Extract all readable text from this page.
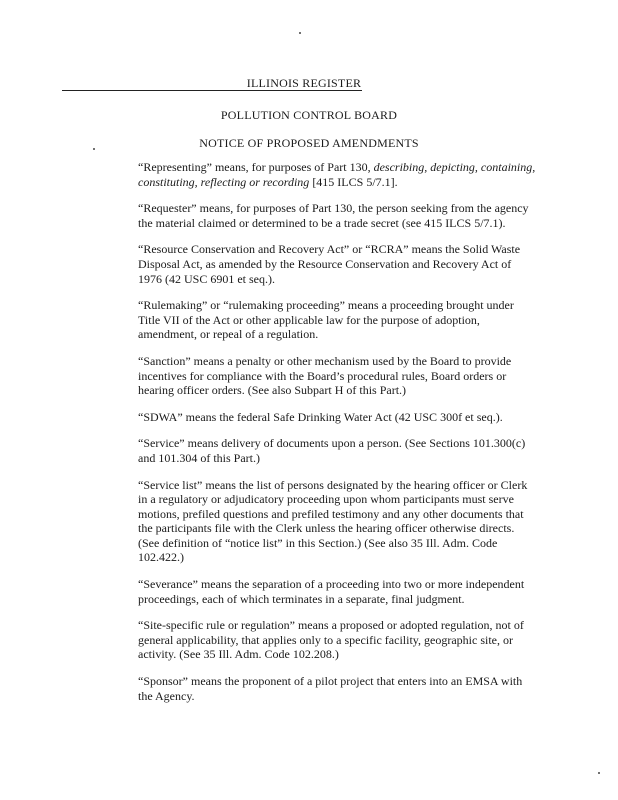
ILLINOIS REGISTER
POLLUTION CONTROL BOARD
NOTICE OF PROPOSED AMENDMENTS

“Representing” means, for purposes of Part 130, describing, depicting, containing, constituting, reflecting or recording [415 ILCS 5/7.1].

“Requester” means, for purposes of Part 130, the person seeking from the agency the material claimed or determined to be a trade secret (see 415 ILCS 5/7.1).

“Resource Conservation and Recovery Act” or “RCRA” means the Solid Waste Disposal Act, as amended by the Resource Conservation and Recovery Act of 1976 (42 USC 6901 et seq.).

“Rulemaking” or “rulemaking proceeding” means a proceeding brought under Title VII of the Act or other applicable law for the purpose of adoption, amendment, or repeal of a regulation.

“Sanction” means a penalty or other mechanism used by the Board to provide incentives for compliance with the Board’s procedural rules, Board orders or hearing officer orders. (See also Subpart H of this Part.)

“SDWA” means the federal Safe Drinking Water Act (42 USC 300f et seq.).

“Service” means delivery of documents upon a person. (See Sections 101.300(c) and 101.304 of this Part.)

“Service list” means the list of persons designated by the hearing officer or Clerk in a regulatory or adjudicatory proceeding upon whom participants must serve motions, prefiled questions and prefiled testimony and any other documents that the participants file with the Clerk unless the hearing officer otherwise directs. (See definition of “notice list” in this Section.) (See also 35 Ill. Adm. Code 102.422.)

“Severance” means the separation of a proceeding into two or more independent proceedings, each of which terminates in a separate, final judgment.

“Site-specific rule or regulation” means a proposed or adopted regulation, not of general applicability, that applies only to a specific facility, geographic site, or activity. (See 35 Ill. Adm. Code 102.208.)

“Sponsor” means the proponent of a pilot project that enters into an EMSA with the Agency.
